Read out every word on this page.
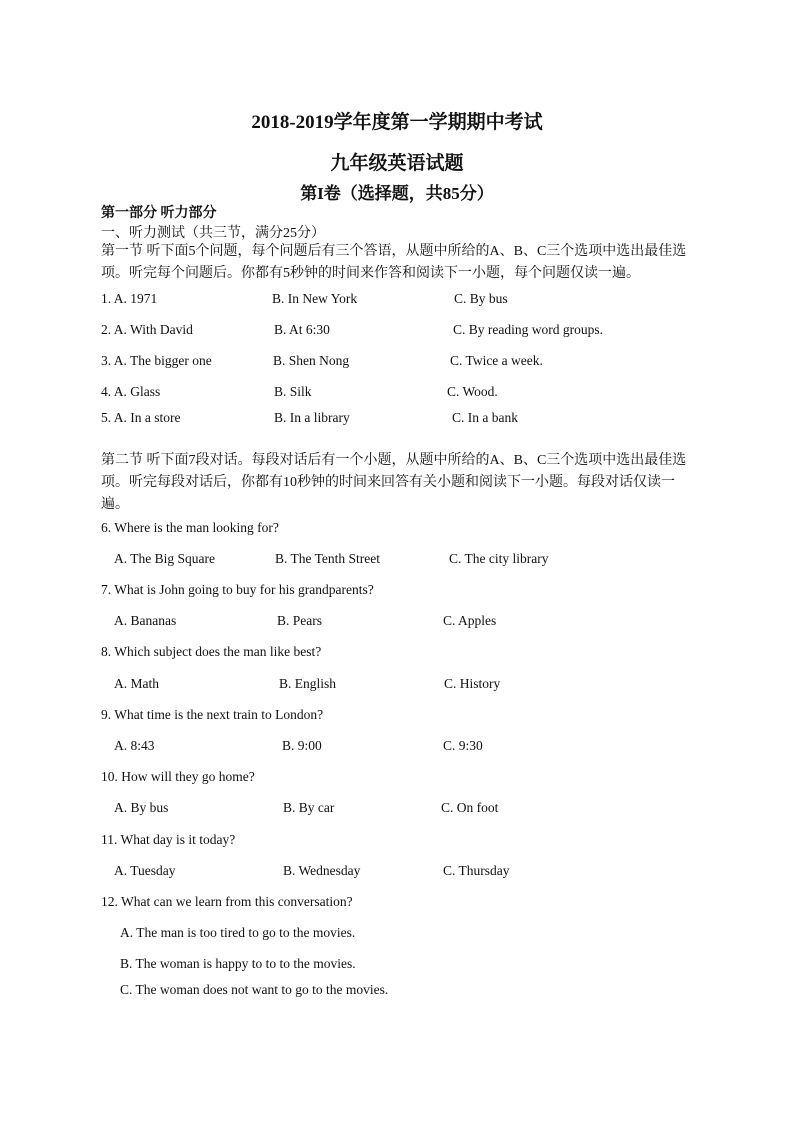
2018-2019学年度第一学期期中考试
九年级英语试题
第I卷（选择题，共85分）
第一部分 听力部分
一、听力测试（共三节，满分25分）
第一节 听下面5个问题，每个问题后有三个答语，从题中所给的A、B、C三个选项中选出最佳选项。听完每个问题后。你都有5秒钟的时间来作答和阅读下一小题，每个问题仅读一遍。
1. A. 1971	B. In New York	C. By bus
2. A. With David	B. At 6:30	C. By reading word groups.
3. A. The bigger one	B. Shen Nong	C. Twice a week.
4. A. Glass	B. Silk	C. Wood.
5. A. In a store	B. In a library	C. In a bank
第二节 听下面7段对话。每段对话后有一个小题，从题中所给的A、B、C三个选项中选出最佳选项。听完每段对话后，你都有10秒钟的时间来回答有关小题和阅读下一小题。每段对话仅读一遍。
6. Where is the man looking for?
A. The Big Square	B. The Tenth Street	C. The city library
7. What is John going to buy for his grandparents?
A. Bananas	B. Pears	C. Apples
8. Which subject does the man like best?
A. Math	B. English	C. History
9. What time is the next train to London?
A. 8:43	B. 9:00	C. 9:30
10. How will they go home?
A. By bus	B. By car	C. On foot
11. What day is it today?
A. Tuesday	B. Wednesday	C. Thursday
12. What can we learn from this conversation?
A. The man is too tired to go to the movies.
B. The woman is happy to to to the movies.
C. The woman does not want to go to the movies.
